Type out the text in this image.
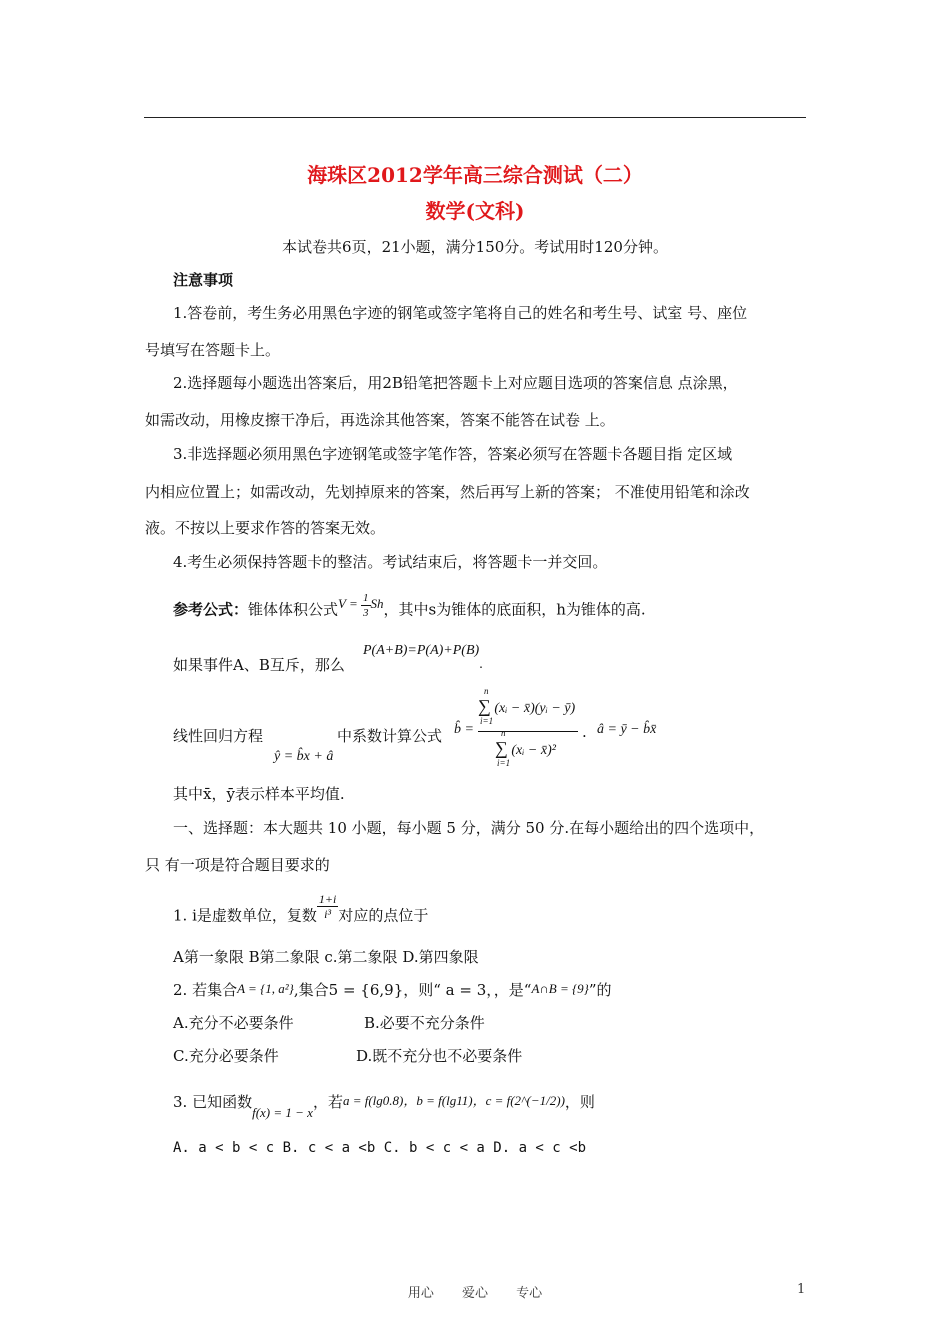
海珠区2012学年高三综合测试（二）
数学(文科)
本试卷共6页，21小题，满分150分。考试用时120分钟。
注意事项
1.答卷前，考生务必用黑色字迹的钢笔或签字笔将自己的姓名和考生号、试室 号、座位
号填写在答题卡上。
2.选择题每小题选出答案后，用2B铅笔把答题卡上对应题目选项的答案信息 点涂黑，
如需改动，用橡皮擦干净后，再选涂其他答案，答案不能答在试卷 上。
3.非选择题必须用黑色字迹钢笔或签字笔作答，答案必须写在答题卡各题目指 定区域
内相应位置上；如需改动，先划掉原来的答案，然后再写上新的答案； 不准使用铅笔和涂改
液。不按以上要求作答的答案无效。
4.考生必须保持答题卡的整洁。考试结束后，将答题卡一并交回。
参考公式：锥体体积公式$V = \frac{1}{3}$ Sh，其中s为锥体的底面积，h为锥体的高.
如果事件A、B互斥，那么
P(A+B)=P(A)+P(B).
线性回归方程
ŷ = b̂x + â
中系数计算公式 b̂ =
n
∑
i=1
(xᵢ − x̄)(yᵢ − ȳ)
n
∑
i=1
(xᵢ − x̄)²
. â = ȳ − b̂x̄
其中x̄，ȳ表示样本平均值.
一、选择题：本大题共 10 小题，每小题 5 分，满分 50 分.在每小题给出的四个选项中，
只 有一项是符合题目要求的
1. i是虚数单位，复数 $\frac{1+i}{\text{i³}}$ 对应的点位于
A第一象限 B第二象限 c.第二象限 D.第四象限
2. 若集合A = {1, a²},集合5 = {6,9}，则“ a = 3，，是“A∩B = {9}”的
A.充分不必要条件	B.必要不充分条件
C.充分必要条件	D.既不充分也不必要条件
3. 已知函数f(x) = 1 − x，若a = f(lg0.8)，b = f(lg11)，c = f(2^(−1/2))，则
A. a < b < c B. c < a <b C. b < c < a D. a < c <b
用心 爱心 专心	1
